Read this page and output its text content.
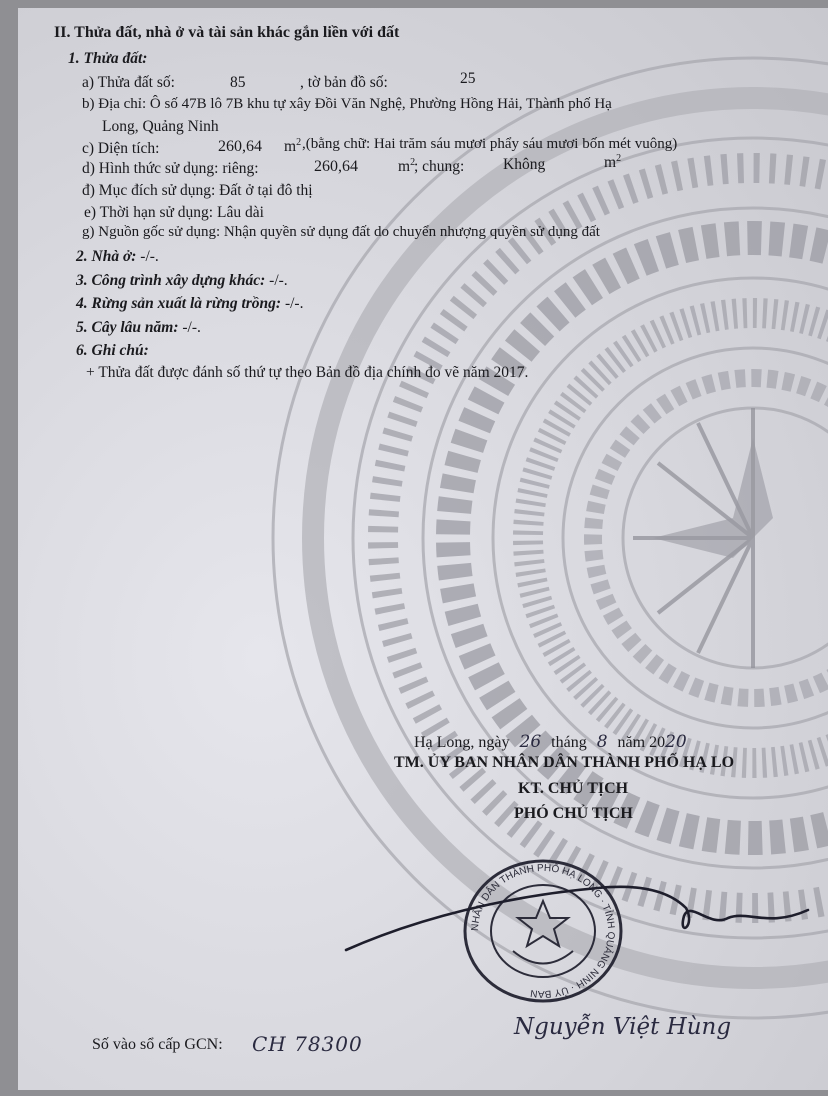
II. Thửa đất, nhà ở và tài sản khác gắn liền với đất
1. Thửa đất:
a) Thửa đất số:	85	, tờ bản đồ số:	25
b) Địa chỉ: Ô số 47B lô 7B khu tự xây Đồi Văn Nghệ, Phường Hồng Hải, Thành phố Hạ
Long, Quảng Ninh
c) Diện tích:	260,64 $m^2$ ,(bằng chữ: Hai trăm sáu mươi phẩy sáu mươi bốn mét vuông)
d) Hình thức sử dụng: riêng:	260,64	$m^2$
; chung: Không	$m^2$
đ) Mục đích sử dụng: Đất ở tại đô thị
e) Thời hạn sử dụng: Lâu dài
g) Nguồn gốc sử dụng: Nhận quyền sử dụng đất do chuyển nhượng quyền sử dụng đất
2. Nhà ở: -/-.
3. Công trình xây dựng khác: -/-.
4. Rừng sản xuất là rừng trồng: -/-.
5. Cây lâu năm: -/-.
6. Ghi chú:
+ Thửa đất được đánh số thứ tự theo Bản đồ địa chính đo vẽ năm 2017.
Hạ Long, ngày 26 tháng 8 năm 2020
TM. ỦY BAN NHÂN DÂN THÀNH PHỐ HẠ LO
KT. CHỦ TỊCH
PHÓ CHỦ TỊCH
NHÂN DÂN THÀNH PHỐ HẠ LONG · TỈNH QUẢNG NINH · ỦY BAN
Nguyễn Việt Hùng
Số vào sổ cấp GCN: CH 78300
